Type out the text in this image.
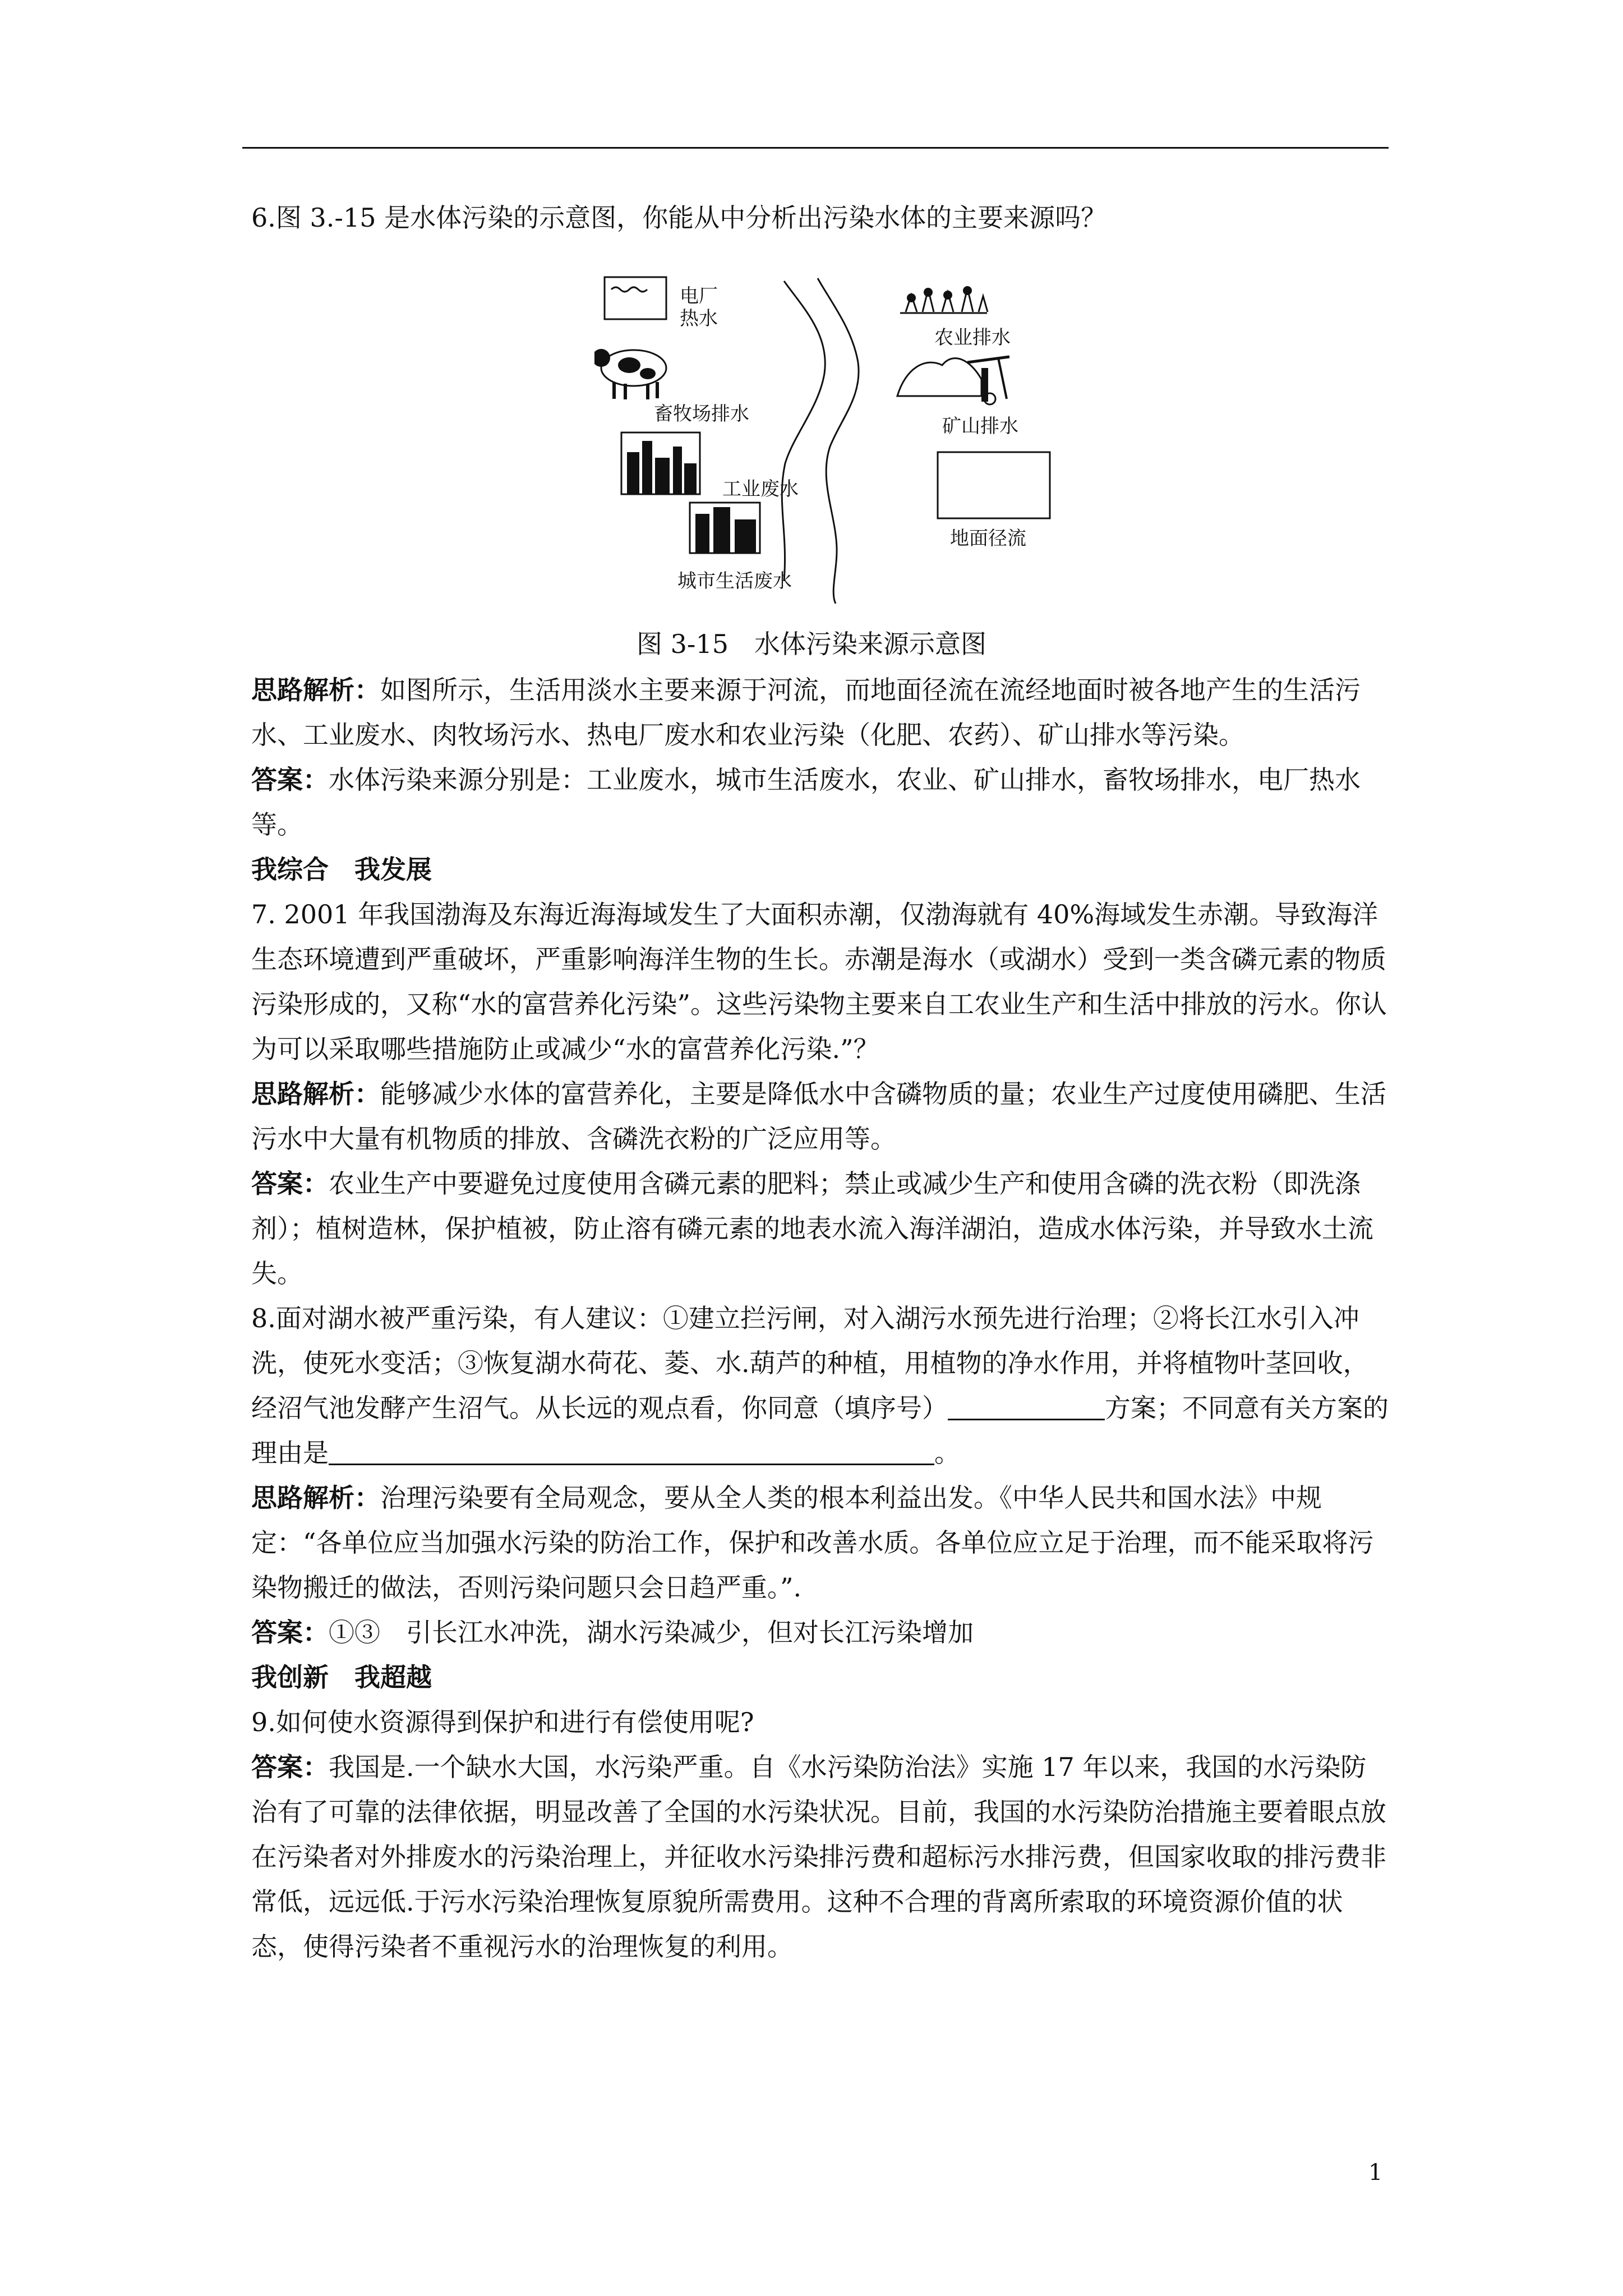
6.图 3.-15 是水体污染的示意图，你能从中分析出污染水体的主要来源吗？

电厂
热水
畜牧场排水
工业废水
城市生活废水
农业排水
矿山排水
地面径流
图 3-15　水体污染来源示意图

思路解析：如图所示，生活用淡水主要来源于河流，而地面径流在流经地面时被各地产生的生活污水、工业废水、肉牧场污水、热电厂废水和农业污染（化肥、农药）、矿山排水等污染。

答案：水体污染来源分别是：工业废水，城市生活废水，农业、矿山排水，畜牧场排水，电厂热水等。

我综合　我发展

7. 2001 年我国渤海及东海近海海域发生了大面积赤潮，仅渤海就有 40%海域发生赤潮。导致海洋生态环境遭到严重破坏，严重影响海洋生物的生长。赤潮是海水（或湖水）受到一类含磷元素的物质污染形成的，又称“水的富营养化污染”。这些污染物主要来自工农业生产和生活中排放的污水。你认为可以采取哪些措施防止或减少“水的富营养化污染.”？

思路解析：能够减少水体的富营养化，主要是降低水中含磷物质的量；农业生产过度使用磷肥、生活污水中大量有机物质的排放、含磷洗衣粉的广泛应用等。

答案：农业生产中要避免过度使用含磷元素的肥料；禁止或减少生产和使用含磷的洗衣粉（即洗涤剂）；植树造林，保护植被，防止溶有磷元素的地表水流入海洋湖泊，造成水体污染，并导致水土流失。

8.面对湖水被严重污染，有人建议：①建立拦污闸，对入湖污水预先进行治理；②将长江水引入冲洗，使死水变活；③恢复湖水荷花、菱、水.葫芦的种植，用植物的净水作用，并将植物叶茎回收，经沼气池发酵产生沼气。从长远的观点看，你同意（填序号）	方案；不同意有关方案的理由是	。

思路解析：治理污染要有全局观念，要从全人类的根本利益出发。《中华人民共和国水法》中规定：“各单位应当加强水污染的防治工作，保护和改善水质。各单位应立足于治理，而不能采取将污染物搬迁的做法，否则污染问题只会日趋严重。”.

答案：①③　引长江水冲洗，湖水污染减少，但对长江污染增加

我创新　我超越

9.如何使水资源得到保护和进行有偿使用呢?

答案：我国是.一个缺水大国，水污染严重。自《水污染防治法》实施 17 年以来，我国的水污染防治有了可靠的法律依据，明显改善了全国的水污染状况。目前，我国的水污染防治措施主要着眼点放在污染者对外排废水的污染治理上，并征收水污染排污费和超标污水排污费，但国家收取的排污费非常低，远远低.于污水污染治理恢复原貌所需费用。这种不合理的背离所索取的环境资源价值的状态，使得污染者不重视污水的治理恢复的利用。

1
